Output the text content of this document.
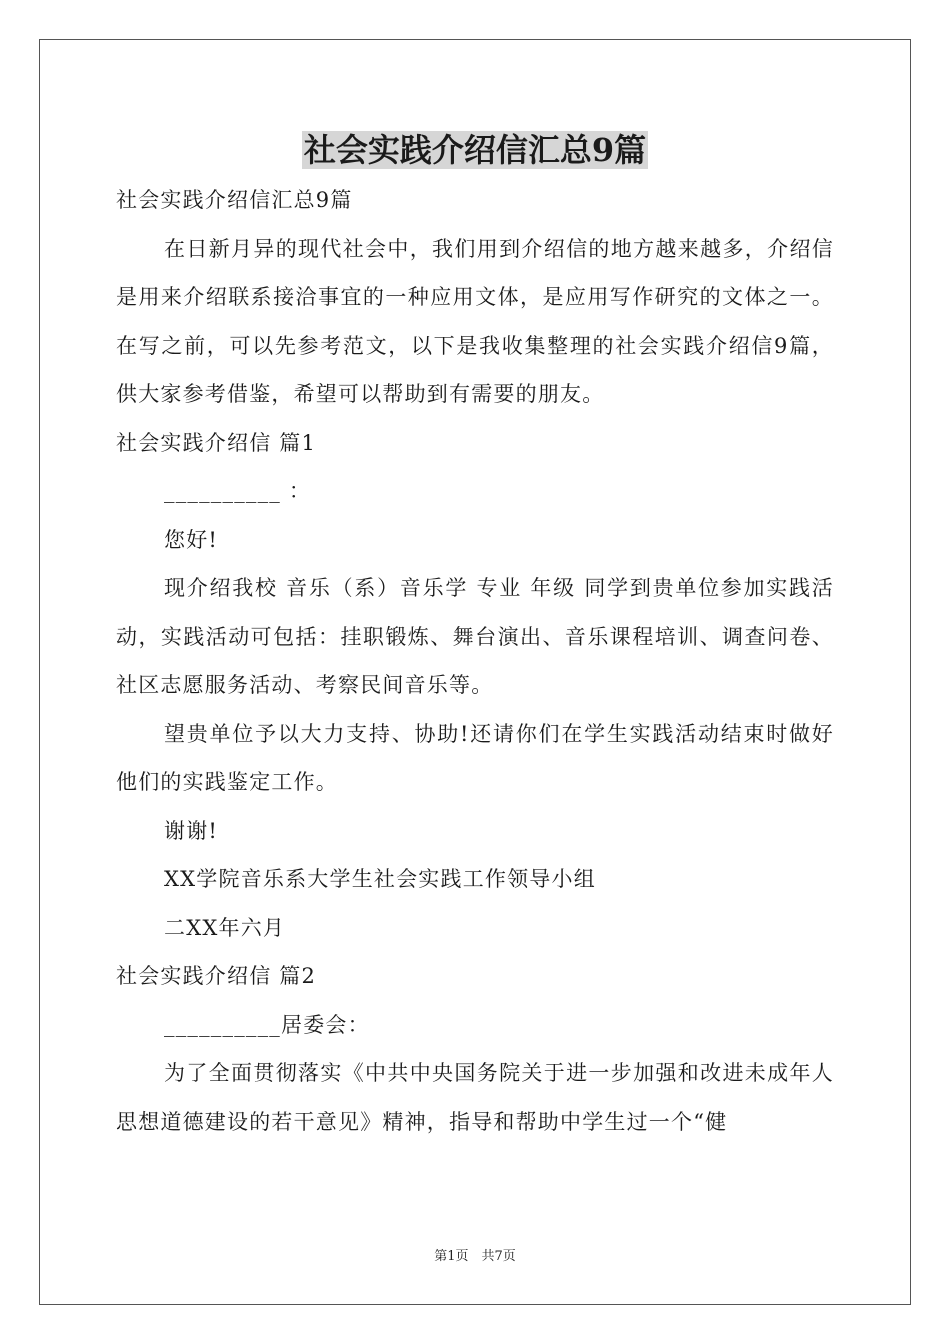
社会实践介绍信汇总9篇

社会实践介绍信汇总9篇

在日新月异的现代社会中，我们用到介绍信的地方越来越多，介绍信是用来介绍联系接洽事宜的一种应用文体，是应用写作研究的文体之一。在写之前，可以先参考范文，以下是我收集整理的社会实践介绍信9篇，供大家参考借鉴，希望可以帮助到有需要的朋友。

社会实践介绍信 篇1

__________ ：

您好!

现介绍我校 音乐（系）音乐学 专业 年级 同学到贵单位参加实践活动，实践活动可包括：挂职锻炼、舞台演出、音乐课程培训、调查问卷、社区志愿服务活动、考察民间音乐等。

望贵单位予以大力支持、协助!还请你们在学生实践活动结束时做好他们的实践鉴定工作。

谢谢!

XX学院音乐系大学生社会实践工作领导小组

二XX年六月

社会实践介绍信 篇2

__________居委会：

为了全面贯彻落实《中共中央国务院关于进一步加强和改进未成年人思想道德建设的若干意见》精神，指导和帮助中学生过一个“健

第1页　共7页
